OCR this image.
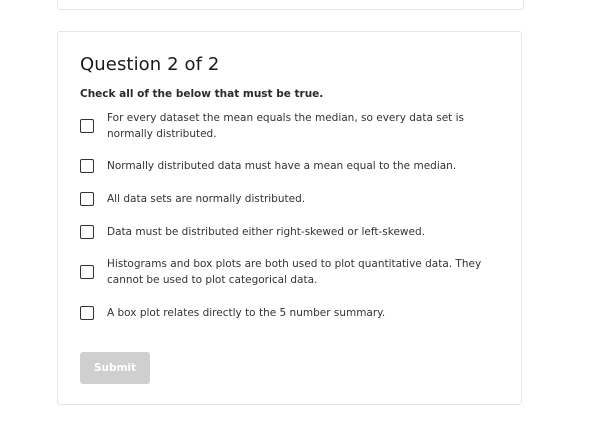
Question 2 of 2
Check all of the below that must be true.
For every dataset the mean equals the median, so every data set is normally distributed.
Normally distributed data must have a mean equal to the median.
All data sets are normally distributed.
Data must be distributed either right-skewed or left-skewed.
Histograms and box plots are both used to plot quantitative data. They cannot be used to plot categorical data.
A box plot relates directly to the 5 number summary.
Submit
